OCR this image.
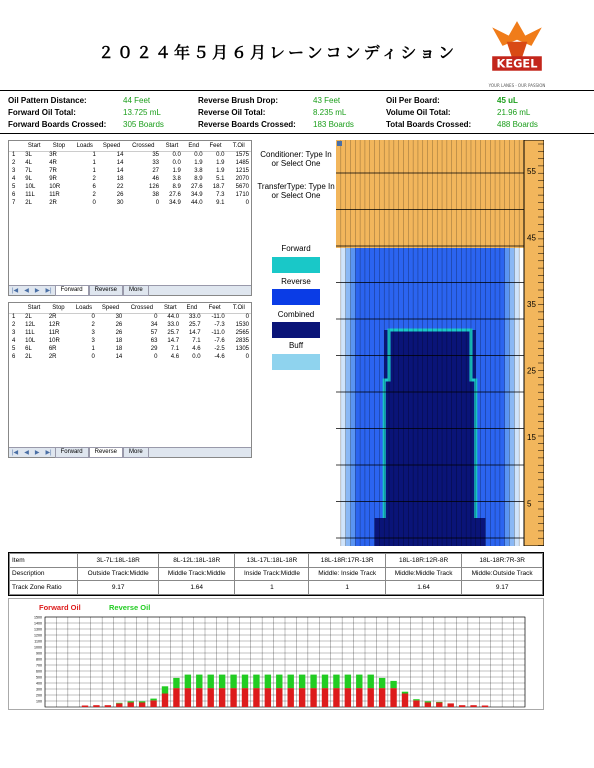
２０２４年５月６月レーンコンディション
KEGEL
YOUR LANES · OUR PASSION
Oil Pattern Distance:	44 Feet
Forward Oil Total:	13.725 mL
Forward Boards Crossed: 305 Boards
Reverse Brush Drop:	43 Feet
Reverse Oil Total:	8.235 mL
Reverse Boards Crossed: 183 Boards
Oil Per Board:	45 uL
Volume Oil Total:	21.96 mL
Total Boards Crossed:	488 Boards
	Start	Stop	Loads	Speed	Crossed	Start	End	Feet	T.Oil
1	3L	3R	1	14	35	0.0	0.0	0.0	1575
2	4L	4R	1	14	33	0.0	1.9	1.9	1485
3	7L	7R	1	14	27	1.9	3.8	1.9	1215
4	9L	9R	2	18	46	3.8	8.9	5.1	2070
5	10L	10R	6	22	126	8.9	27.6	18.7	5670
6	11L	11R	2	26	38	27.6	34.9	7.3	1710
7	2L	2R	0	30	0	34.9	44.0	9.1	0
|◀ ◀ ▶ ▶|	Forward	Reverse	More
	Start	Stop	Loads	Speed	Crossed	Start	End	Feet	T.Oil
1	2L	2R	0	30	0	44.0	33.0	-11.0	0
2	12L	12R	2	26	34	33.0	25.7	-7.3	1530
3	11L	11R	3	26	57	25.7	14.7	-11.0	2565
4	10L	10R	3	18	63	14.7	7.1	-7.6	2835
5	6L	6R	1	18	29	7.1	4.6	-2.5	1305
6	2L	2R	0	14	0	4.6	0.0	-4.6	0
|◀ ◀ ▶ ▶|	Forward	Reverse	More
Conditioner: Type In or Select One
TransferType: Type In or Select One
Forward
Reverse
Combined
Buff
55
45
35
25
15
5
Item	3L-7L:18L-18R	8L-12L:18L-18R	13L-17L:18L-18R	18L-18R:17R-13R	18L-18R:12R-8R	18L-18R:7R-3R
Description	Outside Track:Middle	Middle Track:Middle	Inside Track:Middle	Middle: Inside Track	Middle:Middle Track	Middle:Outside Track
Track Zone Ratio	9.17	1.64	1	1	1.64	9.17
Forward Oil	Reverse Oil
1500
1400
1300
1200
1100
1000
900
800
700
600
500
400
300
200
100
